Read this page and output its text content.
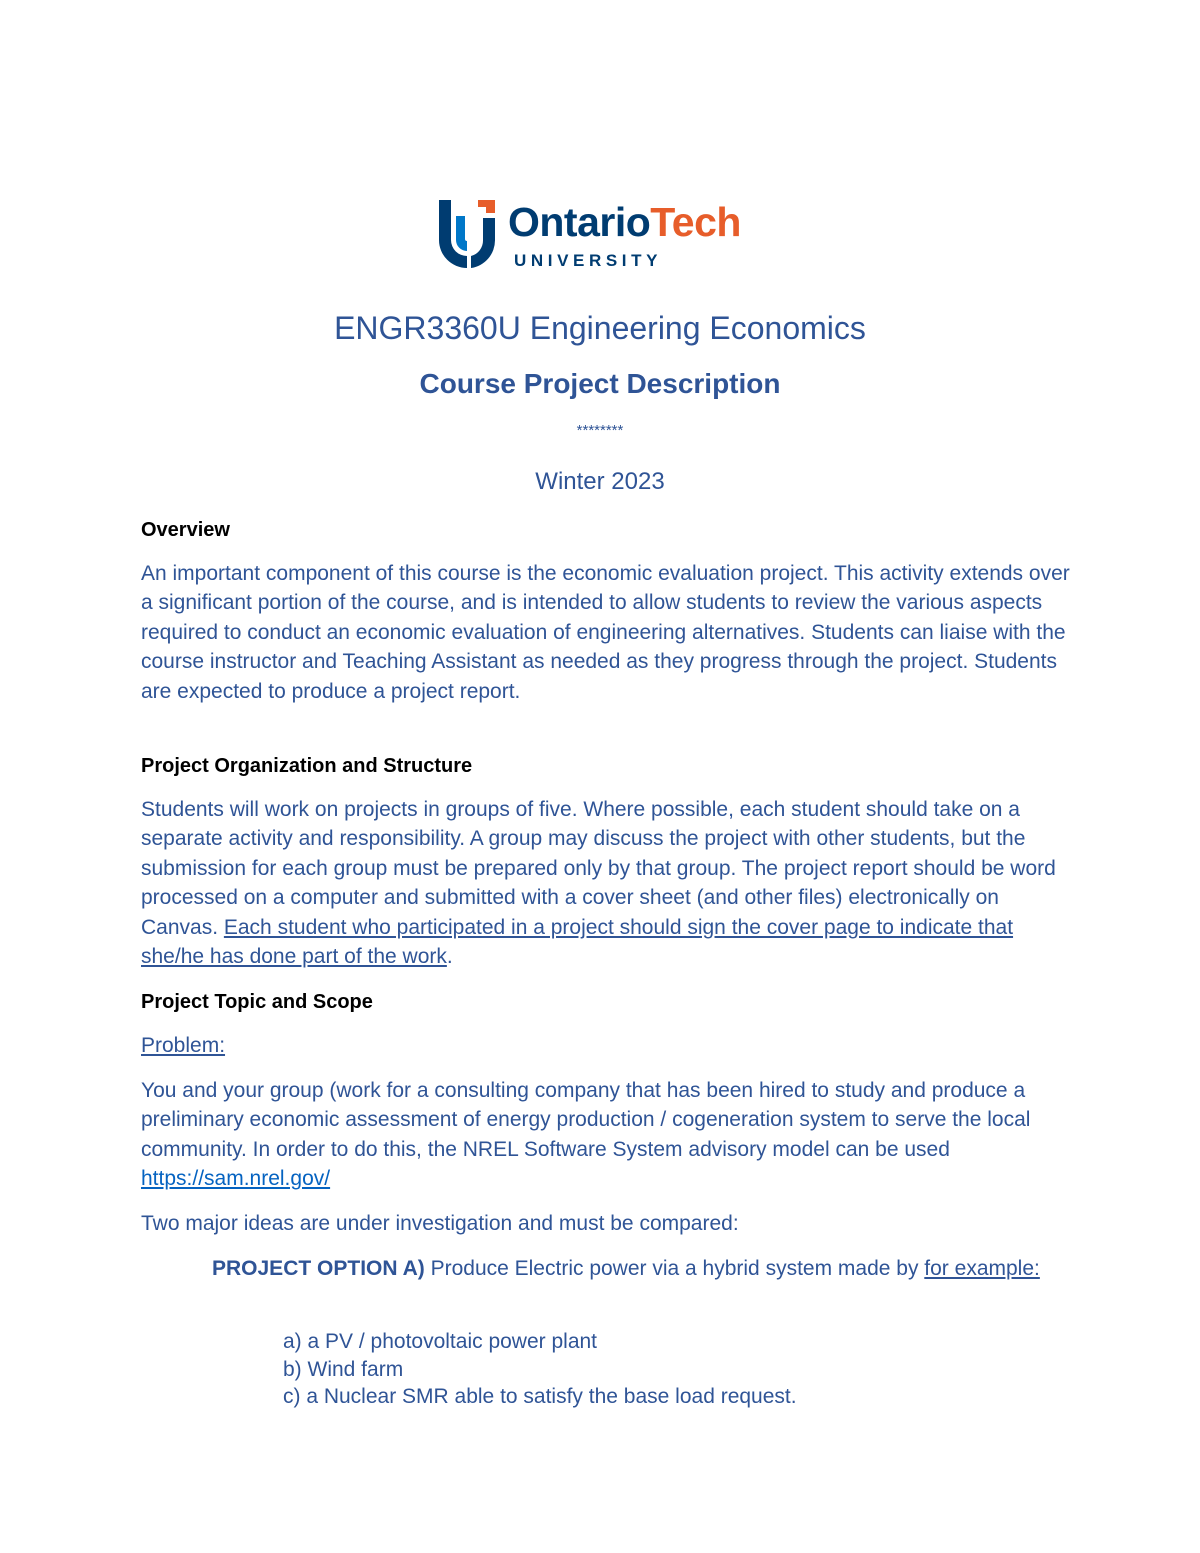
OntarioTech
UNIVERSITY
ENGR3360U Engineering Economics
Course Project Description
********
Winter 2023
Overview
An important component of this course is the economic evaluation project. This activity extends over a significant portion of the course, and is intended to allow students to review the various aspects required to conduct an economic evaluation of engineering alternatives. Students can liaise with the course instructor and Teaching Assistant as needed as they progress through the project. Students are expected to produce a project report.
Project Organization and Structure
Students will work on projects in groups of five. Where possible, each student should take on a separate activity and responsibility. A group may discuss the project with other students, but the submission for each group must be prepared only by that group. The project report should be word processed on a computer and submitted with a cover sheet (and other files) electronically on Canvas. Each student who participated in a project should sign the cover page to indicate that she/he has done part of the work.
Project Topic and Scope
Problem:
You and your group (work for a consulting company that has been hired to study and produce a preliminary economic assessment of energy production / cogeneration system to serve the local community. In order to do this, the NREL Software System advisory model can be used https://sam.nrel.gov/
Two major ideas are under investigation and must be compared:
PROJECT OPTION A) Produce Electric power via a hybrid system made by for example:
a) a PV / photovoltaic power plant
b) Wind farm
c) a Nuclear SMR able to satisfy the base load request.
